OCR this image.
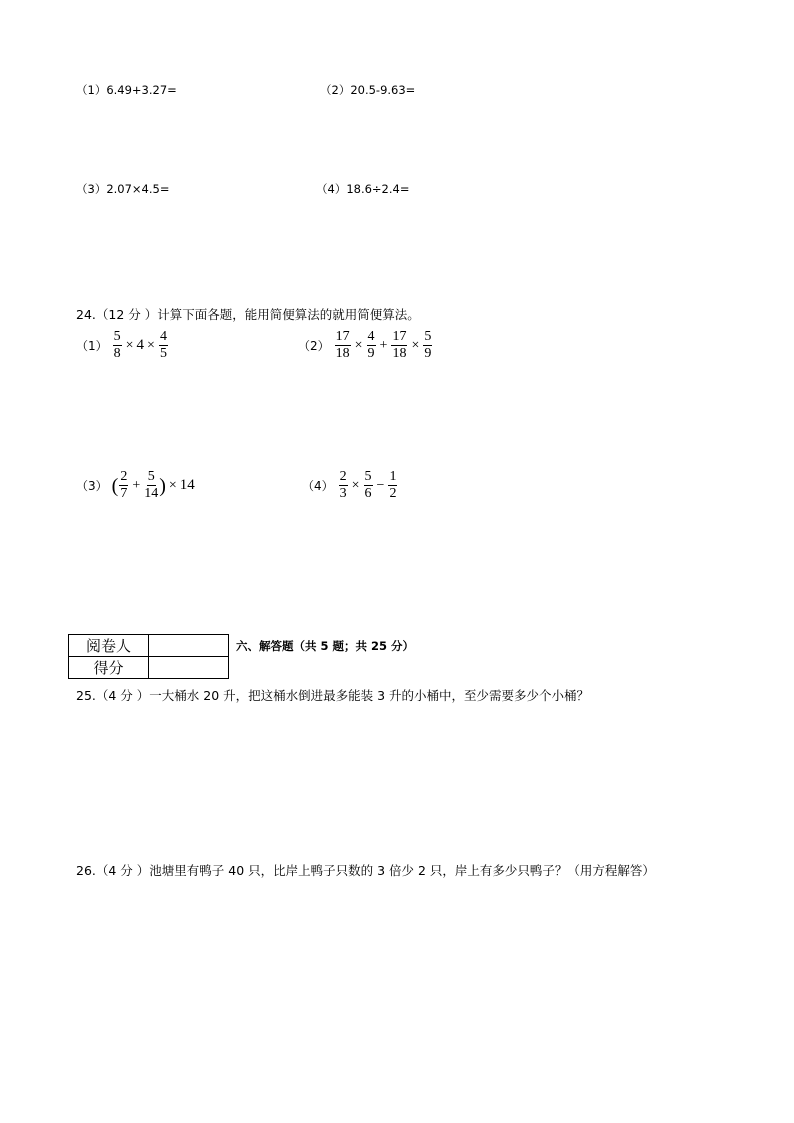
（1）6.49+3.27=	（2）20.5-9.63=
（3）2.07×4.5=	（4）18.6÷2.4=
24.（12 分 ）计算下面各题，能用简便算法的就用简便算法。
$(1) \frac{5}{8} \times 4 \times \frac{4}{5}$	$(2) \frac{17}{18} \times \frac{4}{9} + \frac{17}{18} \times \frac{5}{9}$
（3） ( $\frac{2}{7} + \frac{5}{14}$ ) × 14	$(4) \frac{2}{3} \times \frac{5}{6} - \frac{1}{2}$
阅卷人	
得分	
六、解答题（共 5 题；共 25 分）
25.（4 分 ）一大桶水 20 升，把这桶水倒进最多能装 3 升的小桶中，至少需要多少个小桶？
26.（4 分 ）池塘里有鸭子 40 只，比岸上鸭子只数的 3 倍少 2 只，岸上有多少只鸭子？（用方程解答）
